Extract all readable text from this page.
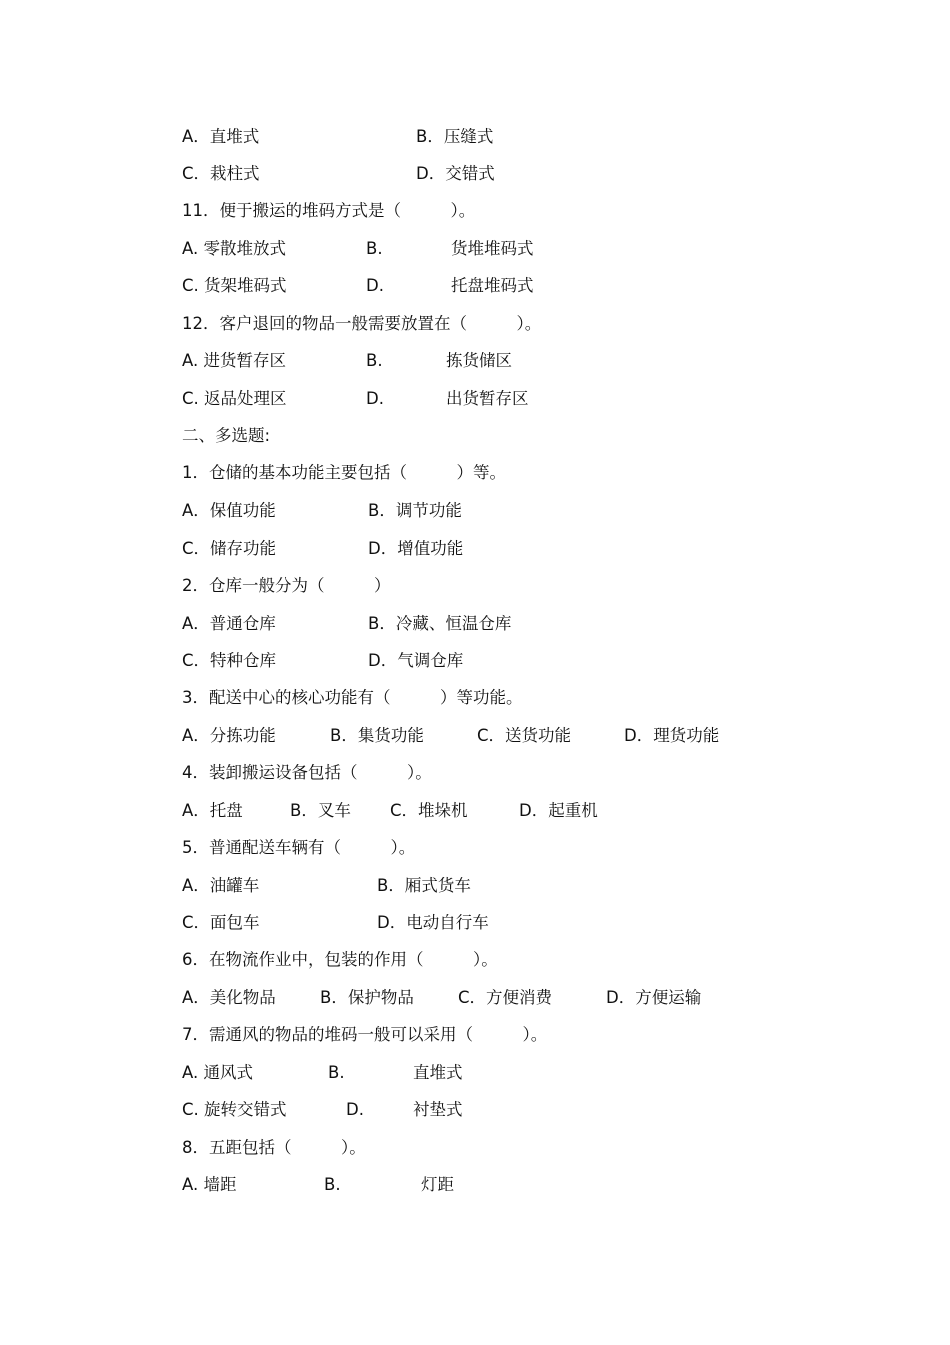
A．直堆式

	B．压缝式

C．栽柱式

	D．交错式

11．便于搬运的堆码方式是（　　　）。

A. 零散堆放式

	B.

	货堆堆码式

C. 货架堆码式

	D.

	托盘堆码式

12．客户退回的物品一般需要放置在（　　　）。

A. 进货暂存区

	B.

	拣货储区

C. 返品处理区

	D.

	出货暂存区

二、多选题:

1．仓储的基本功能主要包括（　　　）等。

A．保值功能

	B．调节功能

C．储存功能

	D．增值功能

2．仓库一般分为（　　　）

A．普通仓库

	B．冷藏、恒温仓库

C．特种仓库

	D．气调仓库

3．配送中心的核心功能有（　　　）等功能。

A．分拣功能

	B．集货功能

	C．送货功能

	D．理货功能

4．装卸搬运设备包括（　　　）。

A．托盘

	B．叉车

C．堆垛机

	D．起重机

5．普通配送车辆有（　　　）。

A．油罐车

	B．厢式货车

C．面包车

	D．电动自行车

6．在物流作业中，包装的作用（　　　）。

A．美化物品

	B．保护物品

	C．方便消费

	D．方便运输

7．需通风的物品的堆码一般可以采用（　　　）。

A. 通风式

	B.

	直堆式

C. 旋转交错式

	D.

	衬垫式

8．五距包括（　　　）。

A. 墙距

	B.

	灯距
